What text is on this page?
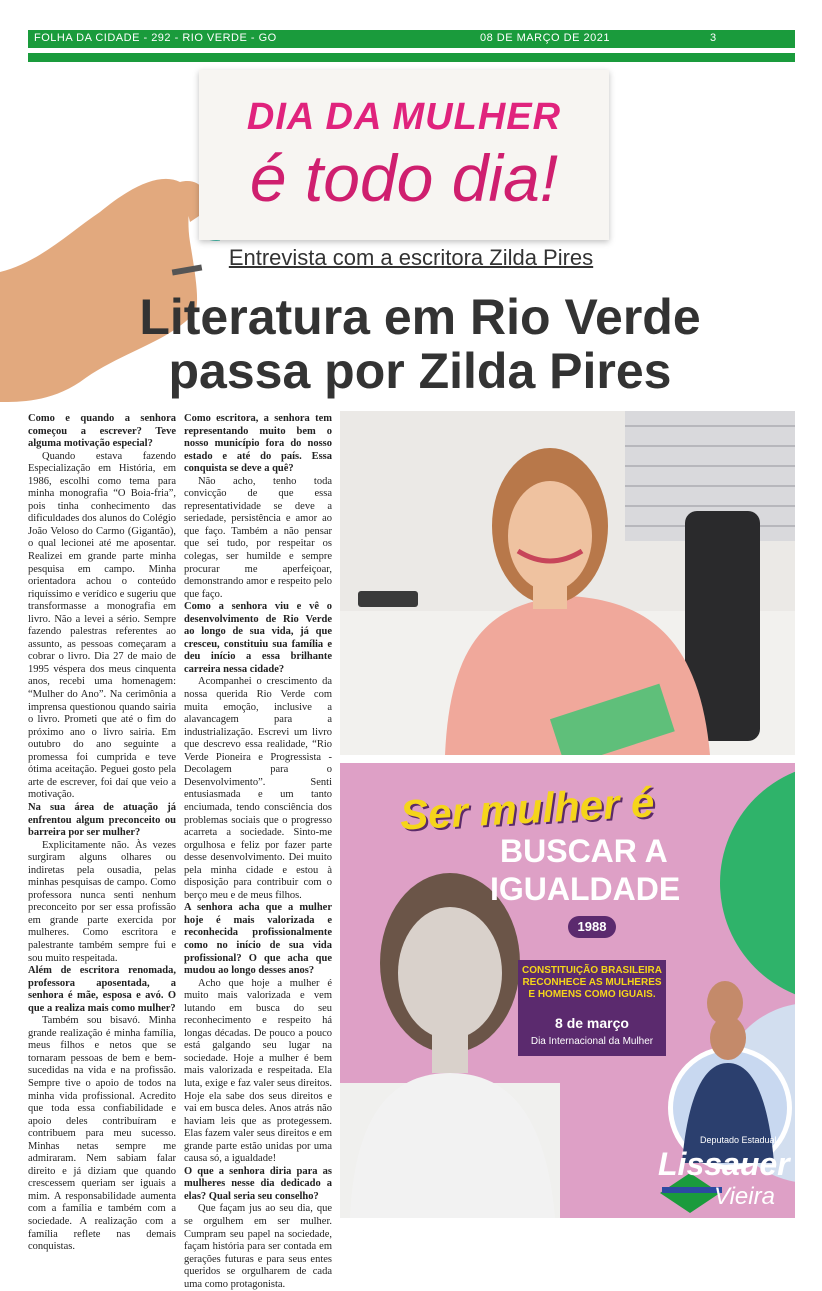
FOLHA DA CIDADE - 292 - RIO VERDE - GO	08 DE MARÇO DE 2021	3
DIA DA MULHER
é todo dia!
Entrevista com a escritora Zilda Pires
Literatura em Rio Verde
passa por Zilda Pires

Como e quando a senhora começou a escrever? Teve alguma motivação especial?

Quando estava fazendo Especialização em História, em 1986, escolhi como tema para minha monografia “O Boia-fria”, pois tinha conhecimento das dificuldades dos alunos do Colégio João Veloso do Carmo (Gigantão), o qual lecionei até me aposentar. Realizei em grande parte minha pesquisa em campo. Minha orientadora achou o conteúdo riquíssimo e verídico e sugeriu que transformasse a monografia em livro. Não a levei a sério. Sempre fazendo palestras referentes ao assunto, as pessoas começaram a cobrar o livro. Dia 27 de maio de 1995 véspera dos meus cinquenta anos, recebi uma homenagem: “Mulher do Ano”. Na cerimônia a imprensa questionou quando sairia o livro. Prometi que até o fim do próximo ano o livro sairia. Em outubro do ano seguinte a promessa foi cumprida e teve ótima aceitação. Peguei gosto pela arte de escrever, foi daí que veio a motivação.

Na sua área de atuação já enfrentou algum preconceito ou barreira por ser mulher?

Explicitamente não. Às vezes surgiram alguns olhares ou indiretas pela ousadia, pelas minhas pesquisas de campo. Como professora nunca senti nenhum preconceito por ser essa profissão em grande parte exercida por mulheres. Como escritora e palestrante também sempre fui e sou muito respeitada.

Além de escritora renomada, professora aposentada, a senhora é mãe, esposa e avó. O que a realiza mais como mulher?

Também sou bisavó. Minha grande realização é minha família, meus filhos e netos que se tornaram pessoas de bem e bem-sucedidas na vida e na profissão. Sempre tive o apoio de todos na minha vida profissional. Acredito que toda essa confiabilidade e apoio deles contribuíram e contribuem para meu sucesso. Minhas netas sempre me admiraram. Nem sabiam falar direito e já diziam que quando crescessem queriam ser iguais a mim. A responsabilidade aumenta com a família e também com a sociedade. A realização com a família reflete nas demais conquistas.

Como escritora, a senhora tem representando muito bem o nosso município fora do nosso estado e até do país. Essa conquista se deve a quê?

Não acho, tenho toda convicção de que essa representatividade se deve a seriedade, persistência e amor ao que faço. Também a não pensar que sei tudo, por respeitar os colegas, ser humilde e sempre procurar me aperfeiçoar, demonstrando amor e respeito pelo que faço.

Como a senhora viu e vê o desenvolvimento de Rio Verde ao longo de sua vida, já que cresceu, constituiu sua família e deu início a essa brilhante carreira nessa cidade?

Acompanhei o crescimento da nossa querida Rio Verde com muita emoção, inclusive a alavancagem para a industrialização. Escrevi um livro que descrevo essa realidade, “Rio Verde Pioneira e Progressista - Decolagem para o Desenvolvimento”. Senti entusiasmada e um tanto enciumada, tendo consciência dos problemas sociais que o progresso acarreta a sociedade. Sinto-me orgulhosa e feliz por fazer parte desse desenvolvimento. Dei muito pela minha cidade e estou à disposição para contribuir com o berço meu e de meus filhos.

A senhora acha que a mulher hoje é mais valorizada e reconhecida profissionalmente como no início de sua vida profissional? O que acha que mudou ao longo desses anos?

Acho que hoje a mulher é muito mais valorizada e vem lutando em busca do seu reconhecimento e respeito há longas décadas. De pouco a pouco está galgando seu lugar na sociedade. Hoje a mulher é bem mais valorizada e respeitada. Ela luta, exige e faz valer seus direitos. Hoje ela sabe dos seus direitos e vai em busca deles. Anos atrás não haviam leis que as protegessem. Elas fazem valer seus direitos e em grande parte estão unidas por uma causa só, a igualdade!

O que a senhora diria para as mulheres nesse dia dedicado a elas? Qual seria seu conselho?

Que façam jus ao seu dia, que se orgulhem em ser mulher. Cumpram seu papel na sociedade, façam história para ser contada em gerações futuras e para seus entes queridos se orgulharem de cada uma como protagonista.

Ser mulher é
BUSCAR A
IGUALDADE
1988
CONSTITUIÇÃO BRASILEIRA RECONHECE AS MULHERES E HOMENS COMO IGUAIS.
8 de março
Dia Internacional da Mulher
Deputado Estadual
Lissauer
Vieira
